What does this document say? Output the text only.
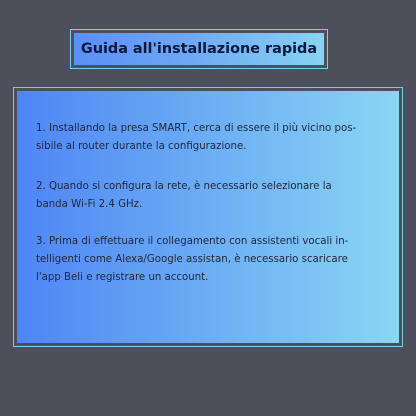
Guida all'installazione rapida

1. Installando la presa SMART, cerca di essere il più vicino pos-
sibile al router durante la configurazione.

2. Quando si configura la rete, è necessario selezionare la
banda Wi-Fi 2.4 GHz.

3. Prima di effettuare il collegamento con assistenti vocali in-
telligenti come Alexa/Google assistan, è necessario scaricare
l'app Beli e registrare un account.
